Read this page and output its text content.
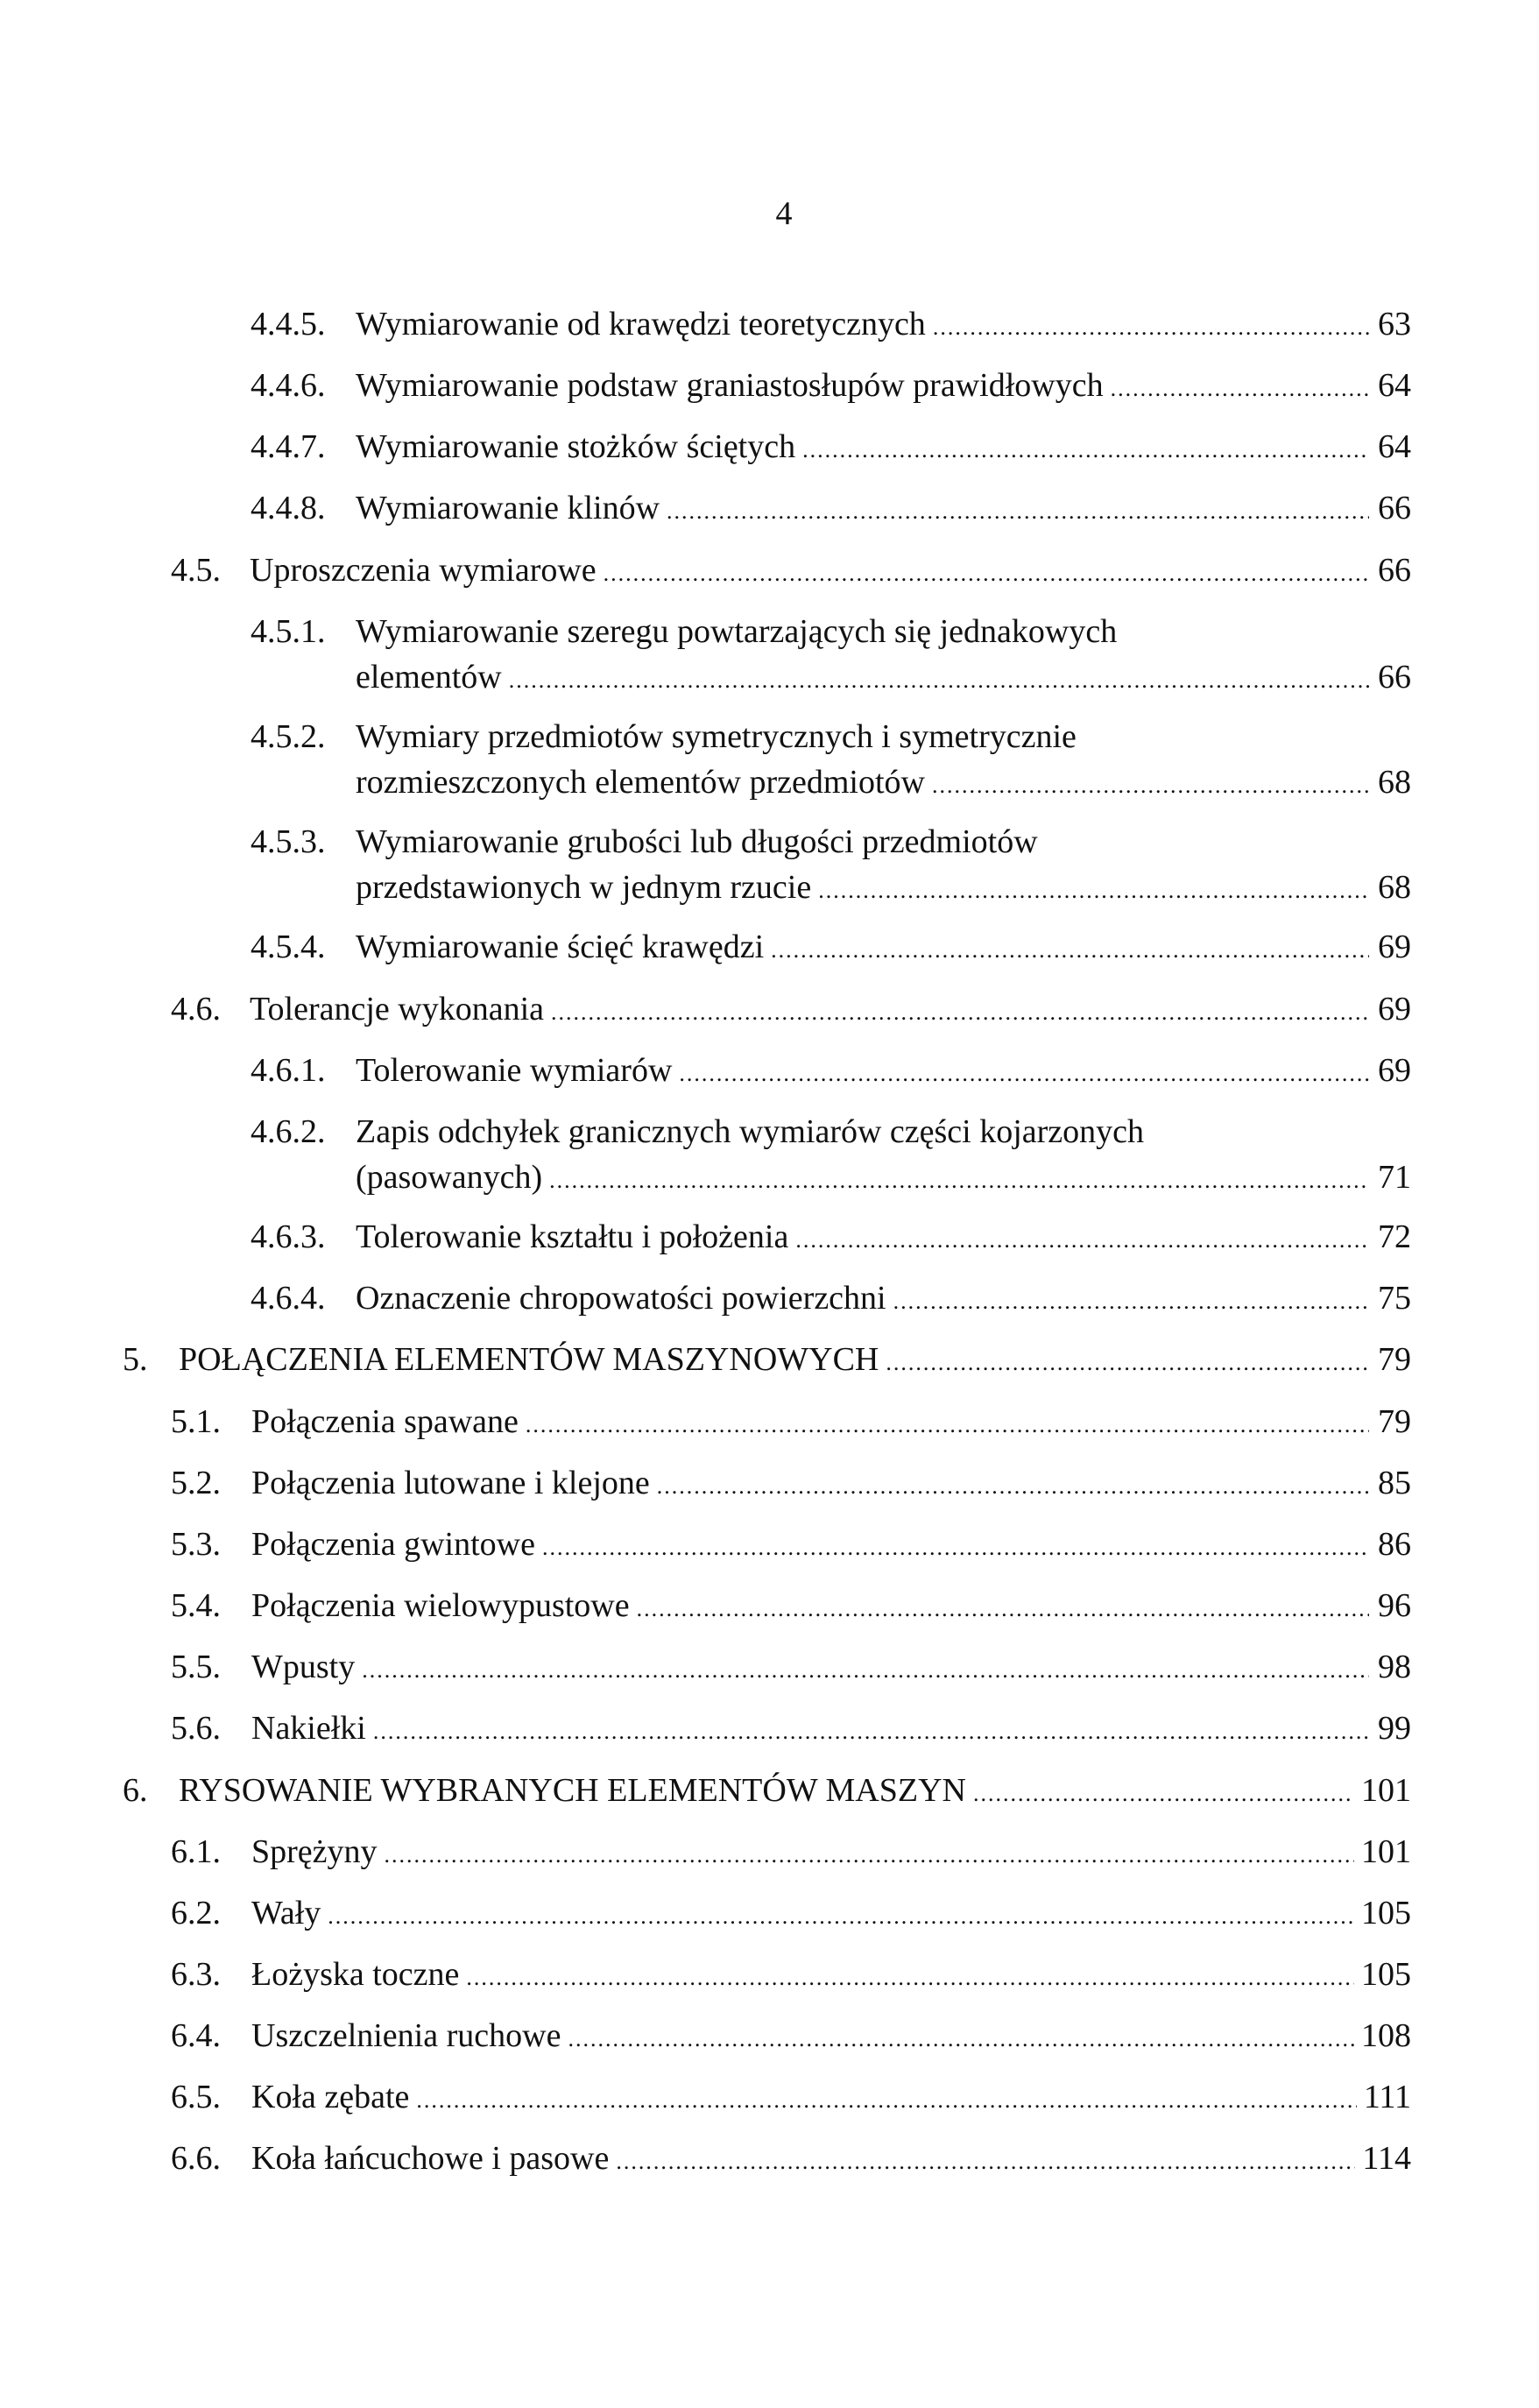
4
4.4.5. Wymiarowanie od krawędzi teoretycznych .....	63
4.4.6. Wymiarowanie podstaw graniastosłupów prawidłowych .....	64
4.4.7. Wymiarowanie stożków ściętych .....	64
4.4.8. Wymiarowanie klinów .....	66
4.5. Uproszczenia wymiarowe .....	66
4.5.1. Wymiarowanie szeregu powtarzających się jednakowych
elementów .....	66
4.5.2. Wymiary przedmiotów symetrycznych i symetrycznie
rozmieszczonych elementów przedmiotów .....	68
4.5.3. Wymiarowanie grubości lub długości przedmiotów
przedstawionych w jednym rzucie .....	68
4.5.4. Wymiarowanie ścięć krawędzi .....	69
4.6. Tolerancje wykonania .....	69
4.6.1. Tolerowanie wymiarów .....	69
4.6.2. Zapis odchyłek granicznych wymiarów części kojarzonych
(pasowanych) .....	71
4.6.3. Tolerowanie kształtu i położenia .....	72
4.6.4. Oznaczenie chropowatości powierzchni .....	75
5. POŁĄCZENIA ELEMENTÓW MASZYNOWYCH .....	79
5.1. Połączenia spawane .....	79
5.2. Połączenia lutowane i klejone .....	85
5.3. Połączenia gwintowe .....	86
5.4. Połączenia wielowypustowe .....	96
5.5. Wpusty .....	98
5.6. Nakiełki .....	99
6. RYSOWANIE WYBRANYCH ELEMENTÓW MASZYN .....	101
6.1. Sprężyny .....	101
6.2. Wały .....	105
6.3. Łożyska toczne .....	105
6.4. Uszczelnienia ruchowe .....	108
6.5. Koła zębate .....	111
6.6. Koła łańcuchowe i pasowe .....	114
